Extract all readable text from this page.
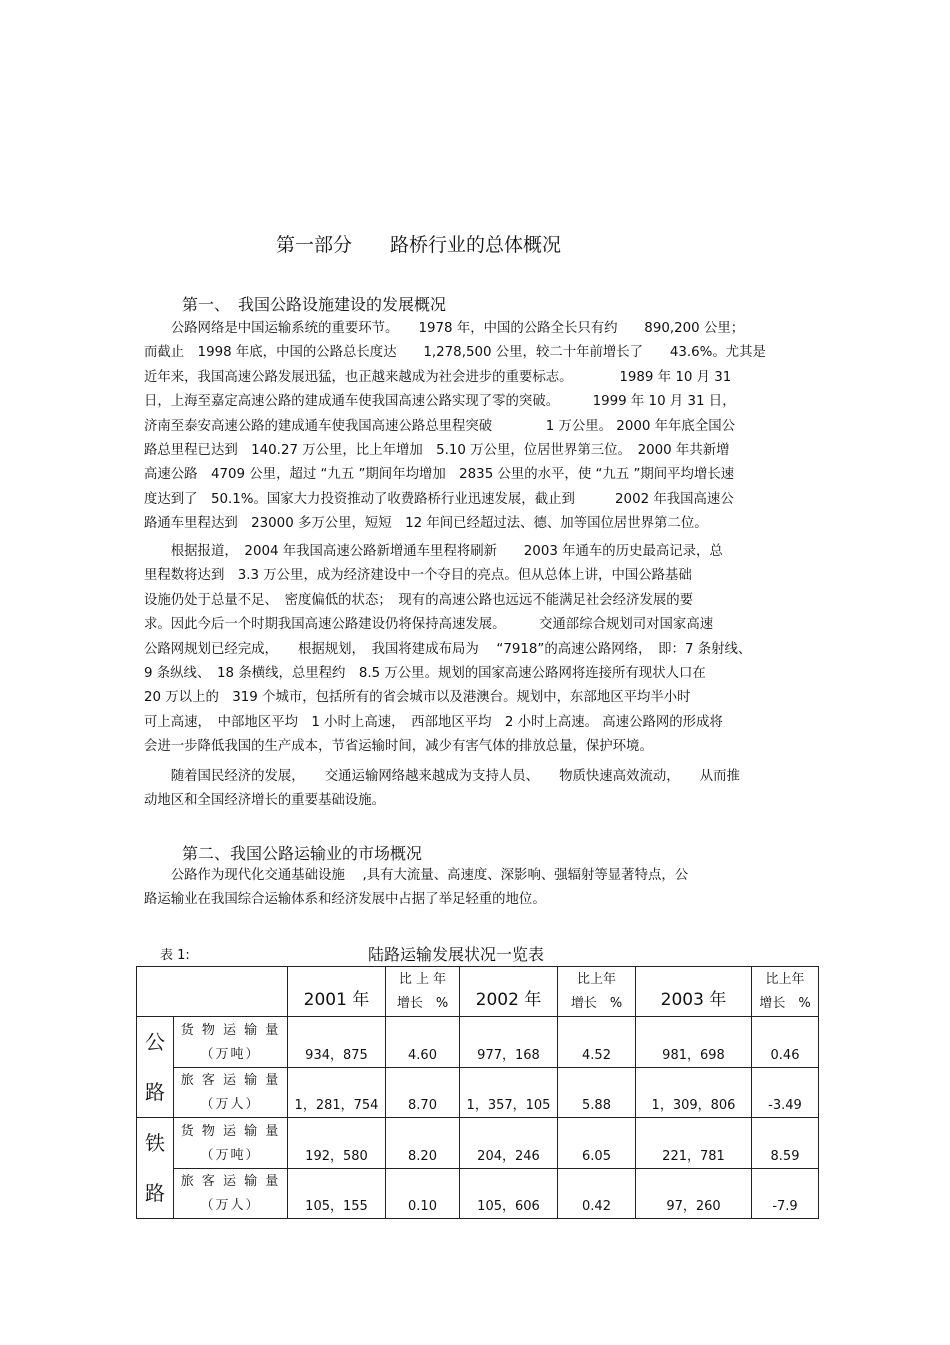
第一部分　　路桥行业的总体概况
第一、　我国公路设施建设的发展概况
　　公路网络是中国运输系统的重要环节。　　1978 年，中国的公路全长只有约　　890,200 公里；
而截止　1998 年底，中国的公路总长度达　　1,278,500 公里，较二十年前增长了　　43.6%。尤其是
近年来，我国高速公路发展迅猛，也正越来越成为社会进步的重要标志。　　　　1989 年 10 月 31
日，上海至嘉定高速公路的建成通车使我国高速公路实现了零的突破。　　　1999 年 10 月 31 日，
济南至泰安高速公路的建成通车使我国高速公路总里程突破　　　　1 万公里。 2000 年年底全国公
路总里程已达到　140.27 万公里，比上年增加　5.10 万公里，位居世界第三位。　2000 年共新增
高速公路　4709 公里，超过 “九五 ”期间年均增加　2835 公里的水平，使 “九五 ”期间平均增长速
度达到了　50.1%。国家大力投资推动了收费路桥行业迅速发展，截止到　　　2002 年我国高速公
路通车里程达到　23000 多万公里，短短　12 年间已经超过法、德、加等国位居世界第二位。
　　根据报道，　2004 年我国高速公路新增通车里程将刷新　　2003 年通车的历史最高记录，总
里程数将达到　3.3 万公里，成为经济建设中一个夺目的亮点。但从总体上讲，中国公路基础
设施仍处于总量不足、　密度偏低的状态；　现有的高速公路也远远不能满足社会经济发展的要
求。因此今后一个时期我国高速公路建设仍将保持高速发展。　　　交通部综合规划司对国家高速
公路网规划已经完成，　　根据规划，　我国将建成布局为　 “7918”的高速公路网络，　即：7 条射线、
9 条纵线、　18 条横线，总里程约　8.5 万公里。规划的国家高速公路网将连接所有现状人口在
20 万以上的　319 个城市，包括所有的省会城市以及港澳台。规划中，东部地区平均半小时
可上高速，　中部地区平均　1 小时上高速，　西部地区平均　2 小时上高速。 高速公路网的形成将
会进一步降低我国的生产成本，节省运输时间，减少有害气体的排放总量，保护环境。
　　随着国民经济的发展，　　交通运输网络越来越成为支持人员、　　物质快速高效流动，　　从而推
动地区和全国经济增长的重要基础设施。
第二、我国公路运输业的市场概况
　　公路作为现代化交通基础设施　 ,具有大流量、高速度、深影响、强辐射等显著特点，公
路运输业在我国综合运输体系和经济发展中占据了举足轻重的地位。
表 1:	陆路运输发展状况一览表
		2001 年	比 上 年
增长　%	2002 年	比上年
增长　%	2003 年	比上年
增长　%
公
路	货 物 运 输 量
（万吨）	934，875	4.60	977，168	4.52	981，698	0.46
	旅 客 运 输 量
（万人）	1，281，754	8.70	1，357，105	5.88	1，309，806	-3.49
铁
路	货 物 运 输 量
（万吨）	192，580	8.20	204，246	6.05	221，781	8.59
	旅 客 运 输 量
（万人）	105，155	0.10	105，606	0.42	97，260	-7.9
